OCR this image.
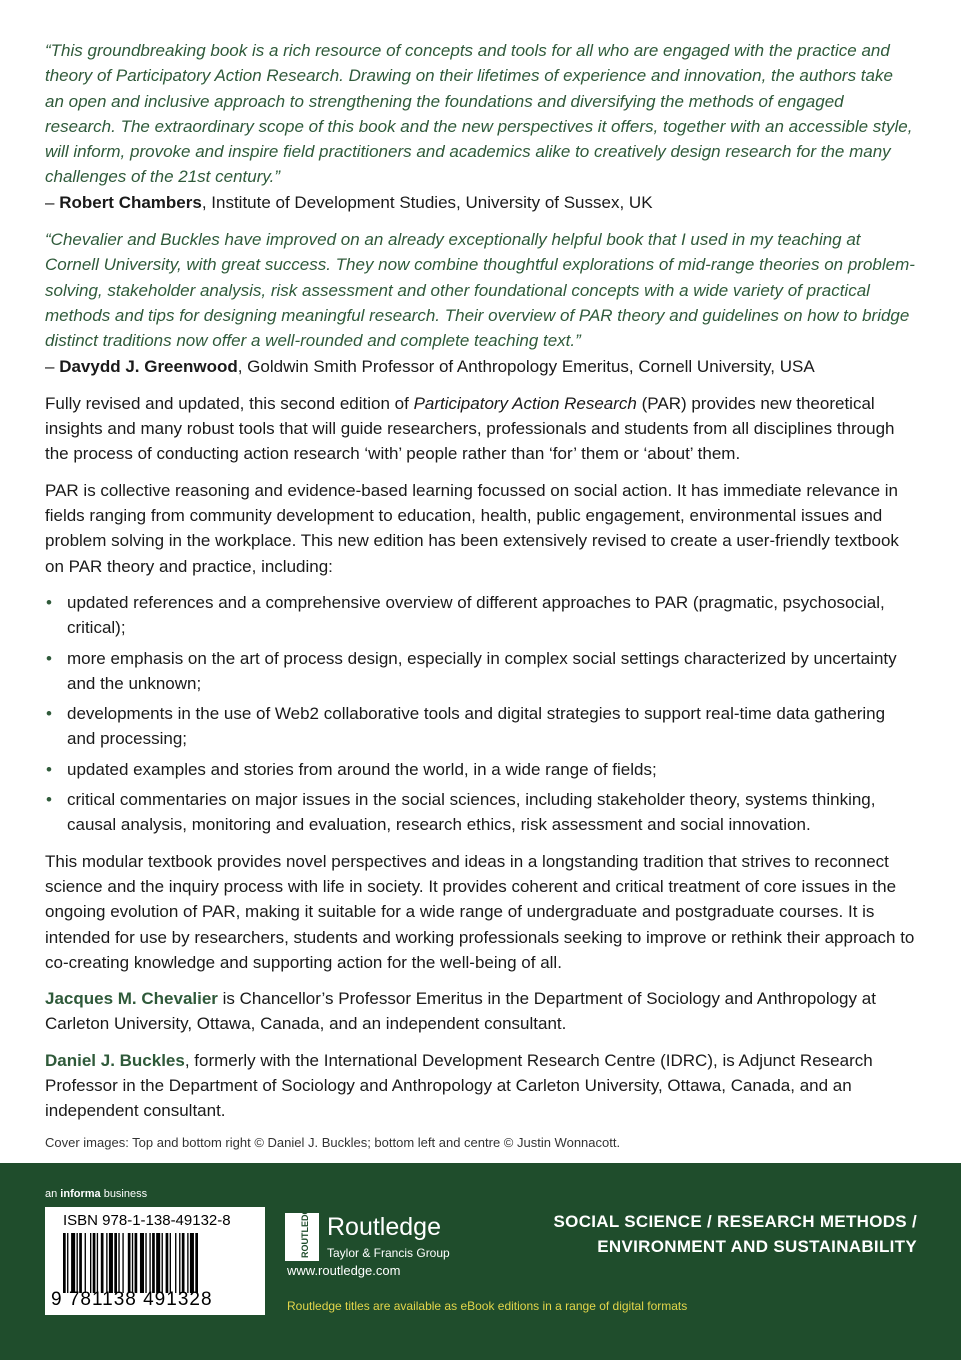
“This groundbreaking book is a rich resource of concepts and tools for all who are engaged with the practice and theory of Participatory Action Research. Drawing on their lifetimes of experience and innovation, the authors take an open and inclusive approach to strengthening the foundations and diversifying the methods of engaged research. The extraordinary scope of this book and the new perspectives it offers, together with an accessible style, will inform, provoke and inspire field practitioners and academics alike to creatively design research for the many challenges of the 21st century.”

– Robert Chambers, Institute of Development Studies, University of Sussex, UK

“Chevalier and Buckles have improved on an already exceptionally helpful book that I used in my teaching at Cornell University, with great success. They now combine thoughtful explorations of mid-range theories on problem-solving, stakeholder analysis, risk assessment and other foundational concepts with a wide variety of practical methods and tips for designing meaningful research. Their overview of PAR theory and guidelines on how to bridge distinct traditions now offer a well-rounded and complete teaching text.”

– Davydd J. Greenwood, Goldwin Smith Professor of Anthropology Emeritus, Cornell University, USA

Fully revised and updated, this second edition of Participatory Action Research (PAR) provides new theoretical insights and many robust tools that will guide researchers, professionals and students from all disciplines through the process of conducting action research ‘with’ people rather than ‘for’ them or ‘about’ them.

PAR is collective reasoning and evidence-based learning focussed on social action. It has immediate relevance in fields ranging from community development to education, health, public engagement, environmental issues and problem solving in the workplace. This new edition has been extensively revised to create a user-friendly textbook on PAR theory and practice, including:

• updated references and a comprehensive overview of different approaches to PAR (pragmatic, psychosocial, critical);
• more emphasis on the art of process design, especially in complex social settings characterized by uncertainty and the unknown;
• developments in the use of Web2 collaborative tools and digital strategies to support real-time data gathering and processing;
• updated examples and stories from around the world, in a wide range of fields;
• critical commentaries on major issues in the social sciences, including stakeholder theory, systems thinking, causal analysis, monitoring and evaluation, research ethics, risk assessment and social innovation.

This modular textbook provides novel perspectives and ideas in a longstanding tradition that strives to reconnect science and the inquiry process with life in society. It provides coherent and critical treatment of core issues in the ongoing evolution of PAR, making it suitable for a wide range of undergraduate and postgraduate courses. It is intended for use by researchers, students and working professionals seeking to improve or rethink their approach to co-creating knowledge and supporting action for the well-being of all.

Jacques M. Chevalier is Chancellor’s Professor Emeritus in the Department of Sociology and Anthropology at Carleton University, Ottawa, Canada, and an independent consultant.

Daniel J. Buckles, formerly with the International Development Research Centre (IDRC), is Adjunct Research Professor in the Department of Sociology and Anthropology at Carleton University, Ottawa, Canada, and an independent consultant.

Cover images: Top and bottom right © Daniel J. Buckles; bottom left and centre © Justin Wonnacott.
an informa business
ISBN 978-1-138-49132-8
9 781138 491328
ROUTLEDGE Routledge
Taylor & Francis Group
www.routledge.com
Routledge titles are available as eBook editions in a range of digital formats
SOCIAL SCIENCE / RESEARCH METHODS /
ENVIRONMENT AND SUSTAINABILITY
